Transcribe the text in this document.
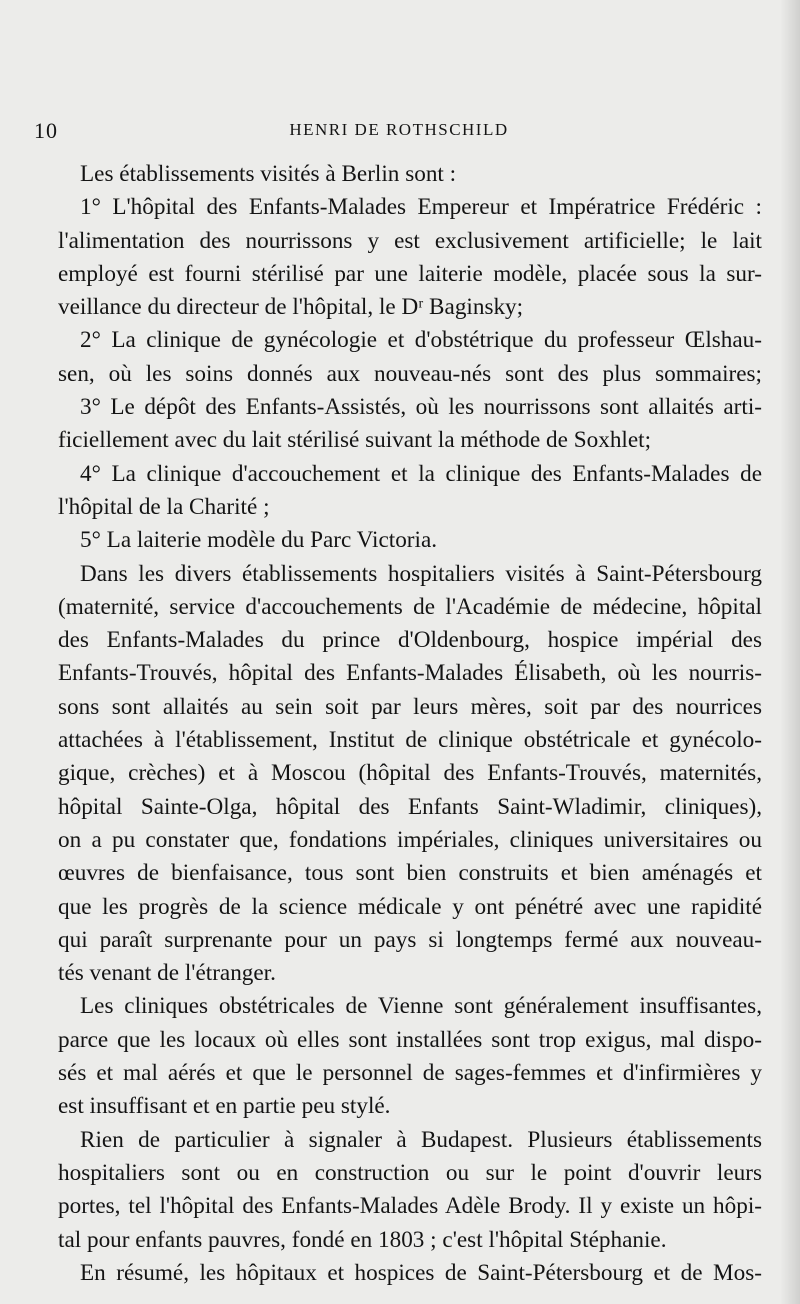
10	HENRI DE ROTHSCHILD
Les établissements visités à Berlin sont :
1° L'hôpital des Enfants-Malades Empereur et Impératrice Frédéric :
l'alimentation des nourrissons y est exclusivement artificielle; le lait
employé est fourni stérilisé par une laiterie modèle, placée sous la sur-
veillance du directeur de l'hôpital, le Dʳ Baginsky;
2° La clinique de gynécologie et d'obstétrique du professeur Œlshau-
sen, où les soins donnés aux nouveau-nés sont des plus sommaires;
3° Le dépôt des Enfants-Assistés, où les nourrissons sont allaités arti-
ficiellement avec du lait stérilisé suivant la méthode de Soxhlet;
4° La clinique d'accouchement et la clinique des Enfants-Malades de
l'hôpital de la Charité ;
5° La laiterie modèle du Parc Victoria.
Dans les divers établissements hospitaliers visités à Saint-Pétersbourg
(maternité, service d'accouchements de l'Académie de médecine, hôpital
des Enfants-Malades du prince d'Oldenbourg, hospice impérial des
Enfants-Trouvés, hôpital des Enfants-Malades Élisabeth, où les nourris-
sons sont allaités au sein soit par leurs mères, soit par des nourrices
attachées à l'établissement, Institut de clinique obstétricale et gynécolo-
gique, crèches) et à Moscou (hôpital des Enfants-Trouvés, maternités,
hôpital Sainte-Olga, hôpital des Enfants Saint-Wladimir, cliniques),
on a pu constater que, fondations impériales, cliniques universitaires ou
œuvres de bienfaisance, tous sont bien construits et bien aménagés et
que les progrès de la science médicale y ont pénétré avec une rapidité
qui paraît surprenante pour un pays si longtemps fermé aux nouveau-
tés venant de l'étranger.
Les cliniques obstétricales de Vienne sont généralement insuffisantes,
parce que les locaux où elles sont installées sont trop exigus, mal dispo-
sés et mal aérés et que le personnel de sages-femmes et d'infirmières y
est insuffisant et en partie peu stylé.
Rien de particulier à signaler à Budapest. Plusieurs établissements
hospitaliers sont ou en construction ou sur le point d'ouvrir leurs
portes, tel l'hôpital des Enfants-Malades Adèle Brody. Il y existe un hôpi-
tal pour enfants pauvres, fondé en 1803 ; c'est l'hôpital Stéphanie.
En résumé, les hôpitaux et hospices de Saint-Pétersbourg et de Mos-
